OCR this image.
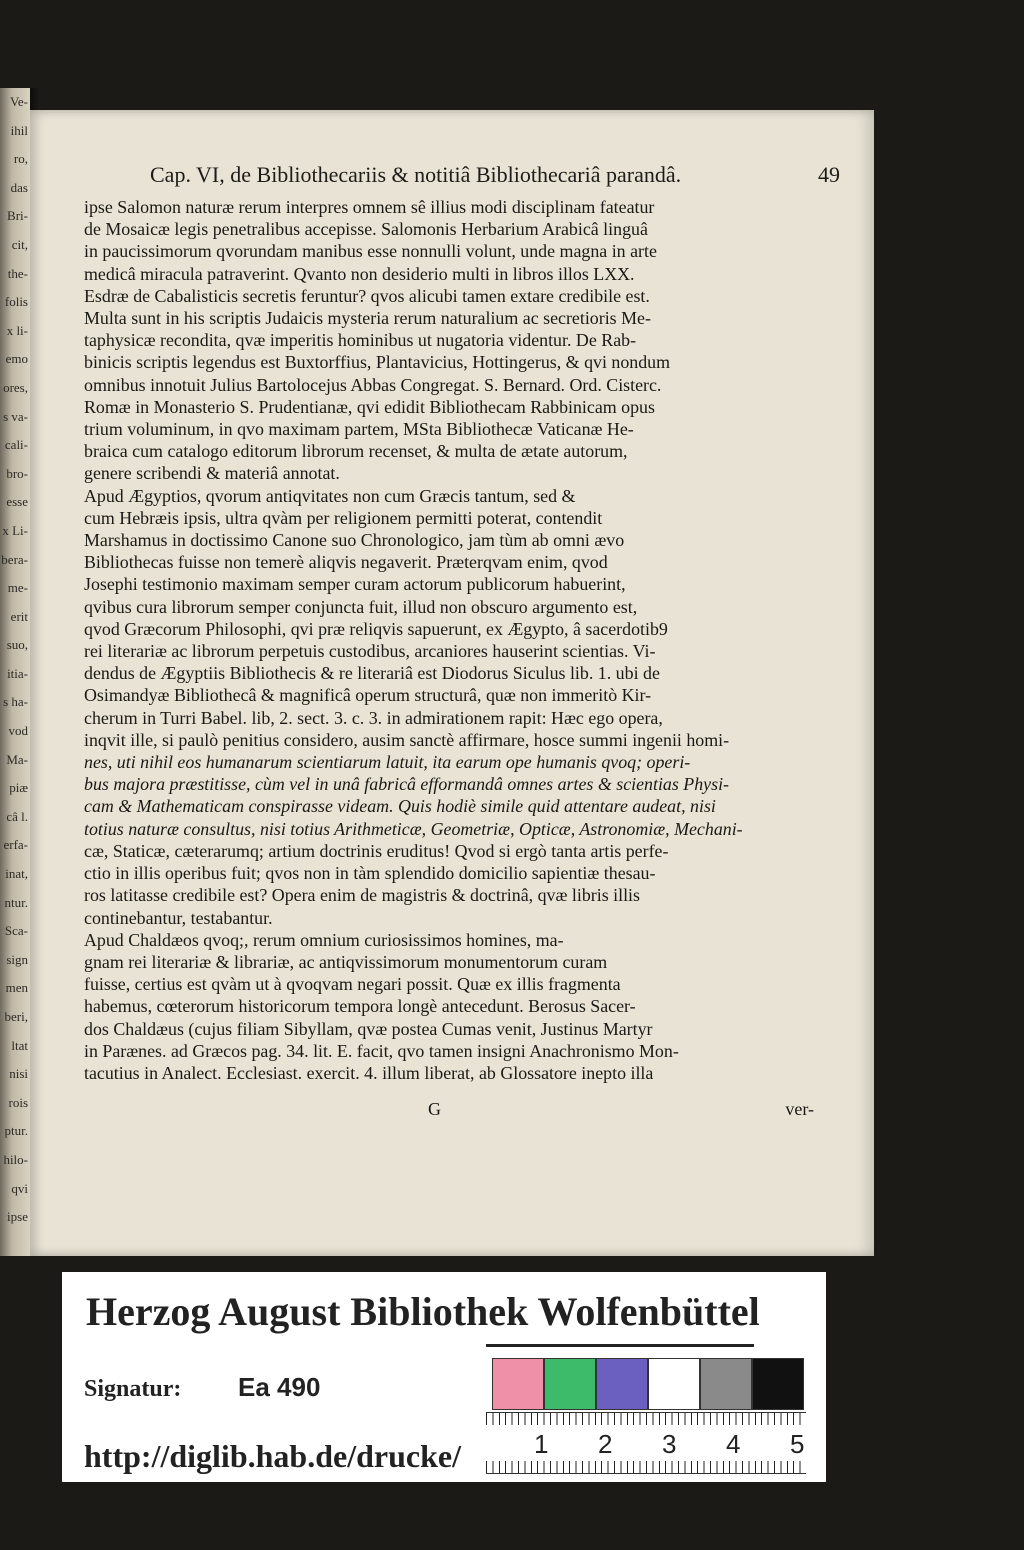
Ve-
ihil
ro,
das
Bri-
cit,
the-
folis
x li-
emo
ores,
s va-
cali-
bro-
esse
x Li-
bera-
me-
erit
suo,
itia-
s ha-
vod
Ma-
piæ
câ l.
erfa-
inat,
ntur.
Sca-
sign
men
beri,
ltat
nisi
rois
ptur.
hilo-
qvi
ipse
Cap. VI, de Bibliothecariis & notitiâ Bibliothecariâ parandâ.	49
ipse Salomon naturæ rerum interpres omnem sê illius modi disciplinam fateatur
de Mosaicæ legis penetralibus accepisse. Salomonis Herbarium Arabicâ linguâ
in paucissimorum qvorundam manibus esse nonnulli volunt, unde magna in arte
medicâ miracula patraverint. Qvanto non desiderio multi in libros illos LXX.
Esdræ de Cabalisticis secretis feruntur? qvos alicubi tamen extare credibile est.
Multa sunt in his scriptis Judaicis mysteria rerum naturalium ac secretioris Me-
taphysicæ recondita, qvæ imperitis hominibus ut nugatoria videntur. De Rab-
binicis scriptis legendus est Buxtorffius, Plantavicius, Hottingerus, & qvi nondum
omnibus innotuit Julius Bartolocejus Abbas Congregat. S. Bernard. Ord. Cisterc.
Romæ in Monasterio S. Prudentianæ, qvi edidit Bibliothecam Rabbinicam opus
trium voluminum, in qvo maximam partem, MSta Bibliothecæ Vaticanæ He-
braica cum catalogo editorum librorum recenset, & multa de ætate autorum,
genere scribendi & materiâ annotat.
Apud Ægyptios, qvorum antiqvitates non cum Græcis tantum, sed &
cum Hebræis ipsis, ultra qvàm per religionem permitti poterat, contendit
Marshamus in doctissimo Canone suo Chronologico, jam tùm ab omni ævo
Bibliothecas fuisse non temerè aliqvis negaverit. Præterqvam enim, qvod
Josephi testimonio maximam semper curam actorum publicorum habuerint,
qvibus cura librorum semper conjuncta fuit, illud non obscuro argumento est,
qvod Græcorum Philosophi, qvi præ reliqvis sapuerunt, ex Ægypto, â sacerdotib9
rei literariæ ac librorum perpetuis custodibus, arcaniores hauserint scientias. Vi-
dendus de Ægyptiis Bibliothecis & re literariâ est Diodorus Siculus lib. 1. ubi de
Osimandyæ Bibliothecâ & magnificâ operum structurâ, quæ non immeritò Kir-
cherum in Turri Babel. lib, 2. sect. 3. c. 3. in admirationem rapit: Hæc ego opera,
inqvit ille, si paulò penitius considero, ausim sanctè affirmare, hosce summi ingenii homi-
nes, uti nihil eos humanarum scientiarum latuit, ita earum ope humanis qvoq; operi-
bus majora præstitisse, cùm vel in unâ fabricâ efformandâ omnes artes & scientias Physi-
cam & Mathematicam conspirasse videam. Quis hodiè simile quid attentare audeat, nisi
totius naturæ consultus, nisi totius Arithmeticæ, Geometriæ, Opticæ, Astronomiæ, Mechani-
cæ, Staticæ, cæterarumq; artium doctrinis eruditus! Qvod si ergò tanta artis perfe-
ctio in illis operibus fuit; qvos non in tàm splendido domicilio sapientiæ thesau-
ros latitasse credibile est? Opera enim de magistris & doctrinâ, qvæ libris illis
continebantur, testabantur.
Apud Chaldæos qvoq;, rerum omnium curiosissimos homines, ma-
gnam rei literariæ & librariæ, ac antiqvissimorum monumentorum curam
fuisse, certius est qvàm ut à qvoqvam negari possit. Quæ ex illis fragmenta
habemus, cœterorum historicorum tempora longè antecedunt. Berosus Sacer-
dos Chaldæus (cujus filiam Sibyllam, qvæ postea Cumas venit, Justinus Martyr
in Parænes. ad Græcos pag. 34. lit. E. facit, qvo tamen insigni Anachronismo Mon-
tacutius in Analect. Ecclesiast. exercit. 4. illum liberat, ab Glossatore inepto illa
G	ver-
Herzog August Bibliothek Wolfenbüttel
Signatur: Ea 490
http://diglib.hab.de/drucke/	1 2 3 4 5
